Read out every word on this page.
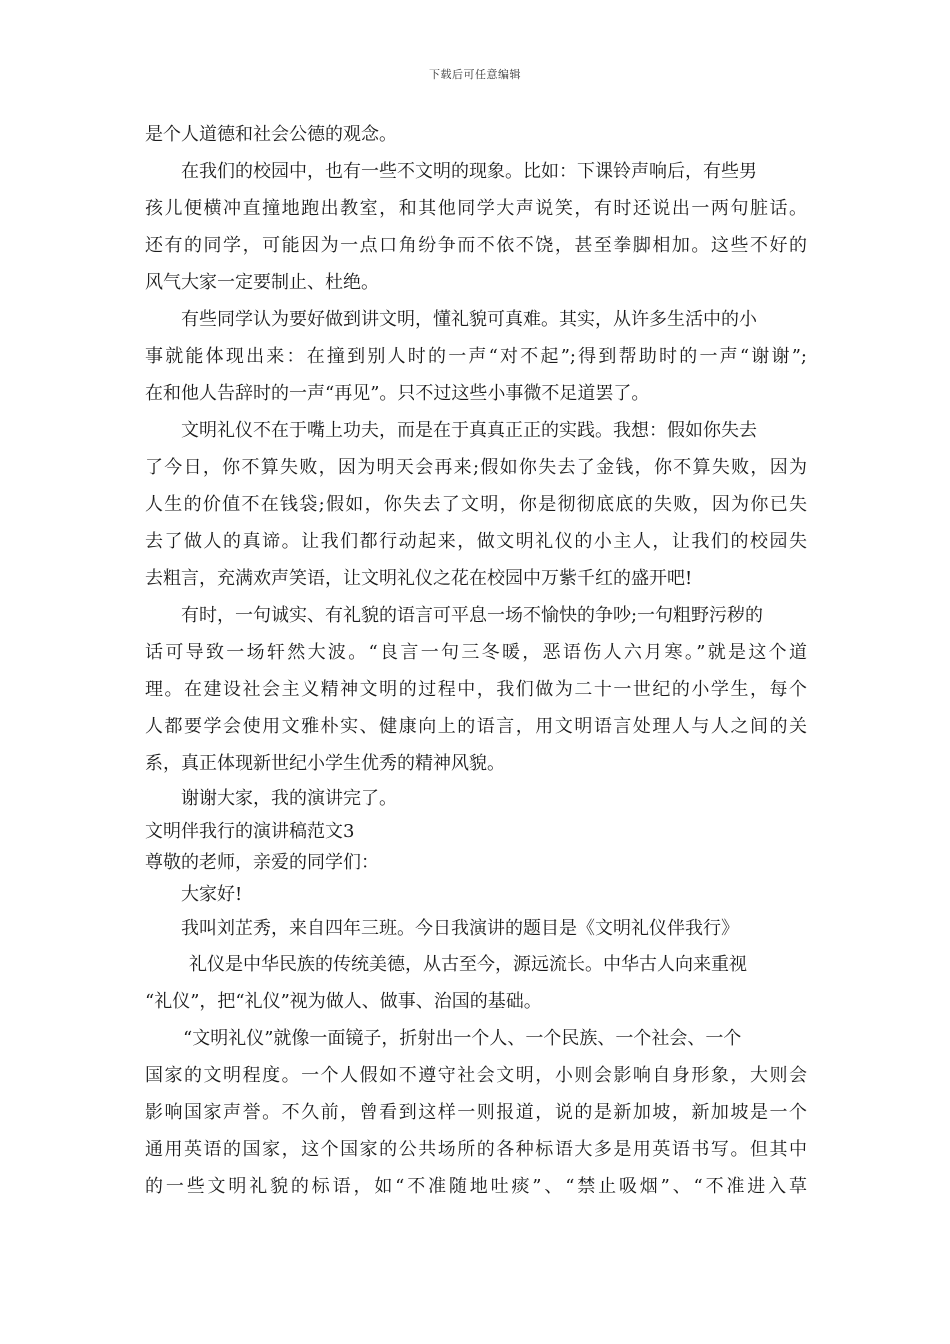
下载后可任意编辑
是个人道德和社会公德的观念。
在我们的校园中，也有一些不文明的现象。比如：下课铃声响后，有些男
孩儿便横冲直撞地跑出教室，和其他同学大声说笑，有时还说出一两句脏话。
还有的同学，可能因为一点口角纷争而不依不饶，甚至拳脚相加。这些不好的
风气大家一定要制止、杜绝。
有些同学认为要好做到讲文明，懂礼貌可真难。其实，从许多生活中的小
事就能体现出来：在撞到别人时的一声“对不起”;得到帮助时的一声“谢谢”;
在和他人告辞时的一声“再见”。只不过这些小事微不足道罢了。
文明礼仪不在于嘴上功夫，而是在于真真正正的实践。我想：假如你失去
了今日，你不算失败，因为明天会再来;假如你失去了金钱，你不算失败，因为
人生的价值不在钱袋;假如，你失去了文明，你是彻彻底底的失败，因为你已失
去了做人的真谛。让我们都行动起来，做文明礼仪的小主人，让我们的校园失
去粗言，充满欢声笑语，让文明礼仪之花在校园中万紫千红的盛开吧!
有时，一句诚实、有礼貌的语言可平息一场不愉快的争吵;一句粗野污秽的
话可导致一场轩然大波。“良言一句三冬暖，恶语伤人六月寒。”就是这个道
理。在建设社会主义精神文明的过程中，我们做为二十一世纪的小学生，每个
人都要学会使用文雅朴实、健康向上的语言，用文明语言处理人与人之间的关
系，真正体现新世纪小学生优秀的精神风貌。
谢谢大家，我的演讲完了。
文明伴我行的演讲稿范文3
尊敬的老师，亲爱的同学们：
大家好!
我叫刘芷秀，来自四年三班。今日我演讲的题目是《文明礼仪伴我行》
礼仪是中华民族的传统美德，从古至今，源远流长。中华古人向来重视
“礼仪”，把“礼仪”视为做人、做事、治国的基础。
“文明礼仪”就像一面镜子，折射出一个人、一个民族、一个社会、一个
国家的文明程度。一个人假如不遵守社会文明，小则会影响自身形象，大则会
影响国家声誉。不久前，曾看到这样一则报道，说的是新加坡，新加坡是一个
通用英语的国家，这个国家的公共场所的各种标语大多是用英语书写。但其中
的一些文明礼貌的标语，如“不准随地吐痰”、“禁止吸烟”、“不准进入草
